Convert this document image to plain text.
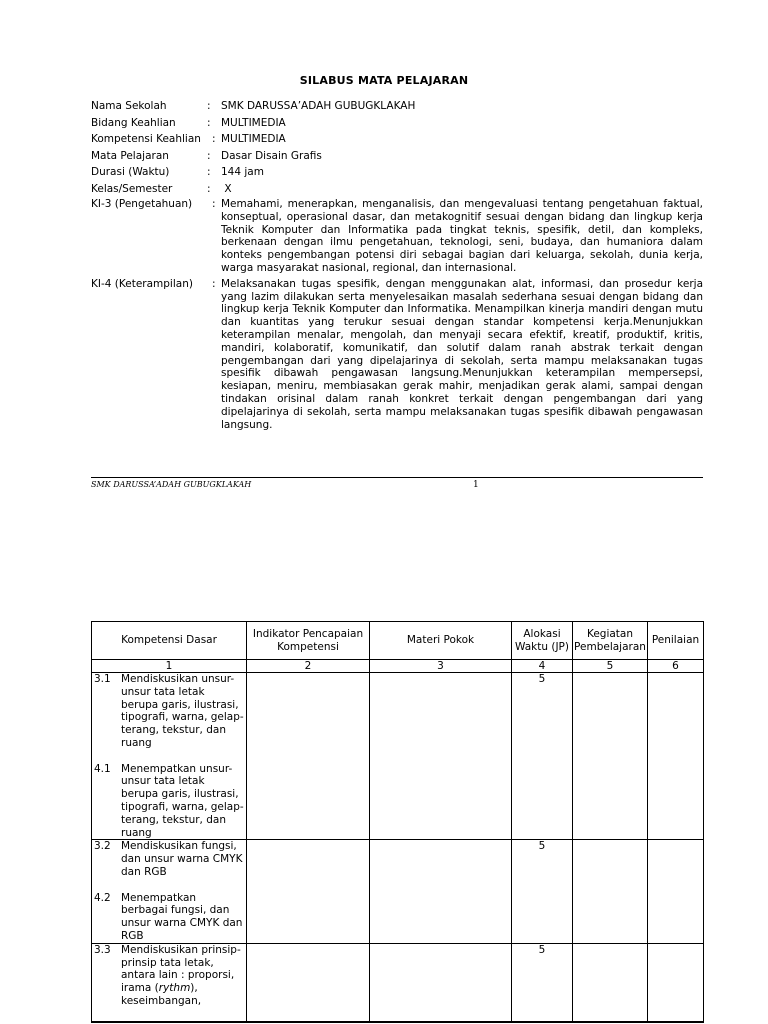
SILABUS MATA PELAJARAN
Nama Sekolah	: SMK DARUSSA’ADAH GUBUGKLAKAH
Bidang Keahlian	: MULTIMEDIA
Kompetensi Keahlian : MULTIMEDIA
Mata Pelajaran	: Dasar Disain Grafis
Durasi (Waktu)	: 144 jam
Kelas/Semester	: X
KI-3 (Pengetahuan) : Memahami, menerapkan, menganalisis, dan mengevaluasi tentang pengetahuan faktual, konseptual, operasional dasar, dan metakognitif sesuai dengan bidang dan lingkup kerja Teknik Komputer dan Informatika pada tingkat teknis, spesifik, detil, dan kompleks, berkenaan dengan ilmu pengetahuan, teknologi, seni, budaya, dan humaniora dalam konteks pengembangan potensi diri sebagai bagian dari keluarga, sekolah, dunia kerja, warga masyarakat nasional, regional, dan internasional.
KI-4 (Keterampilan) : Melaksanakan tugas spesifik, dengan menggunakan alat, informasi, dan prosedur kerja yang lazim dilakukan serta menyelesaikan masalah sederhana sesuai dengan bidang dan lingkup kerja Teknik Komputer dan Informatika. Menampilkan kinerja mandiri dengan mutu dan kuantitas yang terukur sesuai dengan standar kompetensi kerja.Menunjukkan keterampilan menalar, mengolah, dan menyaji secara efektif, kreatif, produktif, kritis, mandiri, kolaboratif, komunikatif, dan solutif dalam ranah abstrak terkait dengan pengembangan dari yang dipelajarinya di sekolah, serta mampu melaksanakan tugas spesifik dibawah pengawasan langsung.Menunjukkan keterampilan mempersepsi, kesiapan, meniru, membiasakan gerak mahir, menjadikan gerak alami, sampai dengan tindakan orisinal dalam ranah konkret terkait dengan pengembangan dari yang dipelajarinya di sekolah, serta mampu melaksanakan tugas spesifik dibawah pengawasan langsung.
SMK DARUSSA’ADAH GUBUGKLAKAH	1
Kompetensi Dasar	Indikator Pencapaian Kompetensi	Materi Pokok	Alokasi Waktu (JP)	Kegiatan Pembelajaran	Penilaian
1	2	3	4	5	6

3.1 Mendiskusikan unsur-unsur tata letak berupa garis, ilustrasi, tipografi, warna, gelap-terang, tekstur, dan ruang
4.1 Menempatkan unsur-unsur tata letak berupa garis, ilustrasi, tipografi, warna, gelap-terang, tekstur, dan ruang			5		

3.2 Mendiskusikan fungsi, dan unsur warna CMYK dan RGB
4.2 Menempatkan berbagai fungsi, dan unsur warna CMYK dan RGB			5		

3.3 Mendiskusikan prinsip-prinsip tata letak, antara lain : proporsi, irama (rythm), keseimbangan,			5		
